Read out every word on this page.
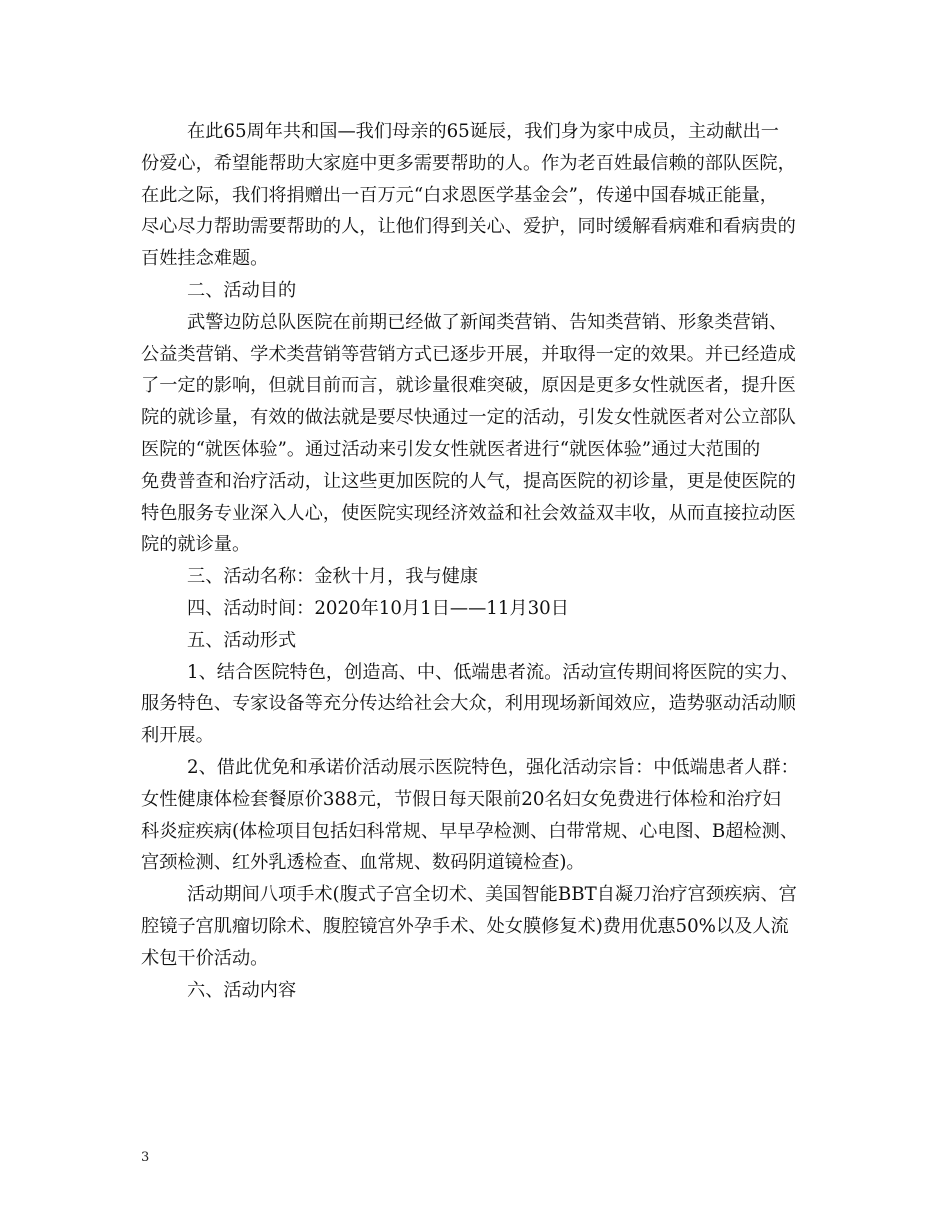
在此65周年共和国—我们母亲的65诞辰，我们身为家中成员，主动献出一
份爱心，希望能帮助大家庭中更多需要帮助的人。作为老百姓最信赖的部队医院，
在此之际，我们将捐赠出一百万元“白求恩医学基金会”，传递中国春城正能量，
尽心尽力帮助需要帮助的人，让他们得到关心、爱护，同时缓解看病难和看病贵的
百姓挂念难题。

二、活动目的

武警边防总队医院在前期已经做了新闻类营销、告知类营销、形象类营销、
公益类营销、学术类营销等营销方式已逐步开展，并取得一定的效果。并已经造成
了一定的影响，但就目前而言，就诊量很难突破，原因是更多女性就医者，提升医
院的就诊量，有效的做法就是要尽快通过一定的活动，引发女性就医者对公立部队
医院的“就医体验”。通过活动来引发女性就医者进行“就医体验”通过大范围的
免费普查和治疗活动，让这些更加医院的人气，提高医院的初诊量，更是使医院的
特色服务专业深入人心，使医院实现经济效益和社会效益双丰收，从而直接拉动医
院的就诊量。

三、活动名称：金秋十月，我与健康

四、活动时间：2020年10月1日——11月30日

五、活动形式

1、结合医院特色，创造高、中、低端患者流。活动宣传期间将医院的实力、
服务特色、专家设备等充分传达给社会大众，利用现场新闻效应，造势驱动活动顺
利开展。

2、借此优免和承诺价活动展示医院特色，强化活动宗旨：中低端患者人群：
女性健康体检套餐原价388元，节假日每天限前20名妇女免费进行体检和治疗妇
科炎症疾病(体检项目包括妇科常规、早早孕检测、白带常规、心电图、B超检测、
宫颈检测、红外乳透检查、血常规、数码阴道镜检查)。

活动期间八项手术(腹式子宫全切术、美国智能BBT自凝刀治疗宫颈疾病、宫
腔镜子宫肌瘤切除术、腹腔镜宫外孕手术、处女膜修复术)费用优惠50%以及人流
术包干价活动。

六、活动内容

3
